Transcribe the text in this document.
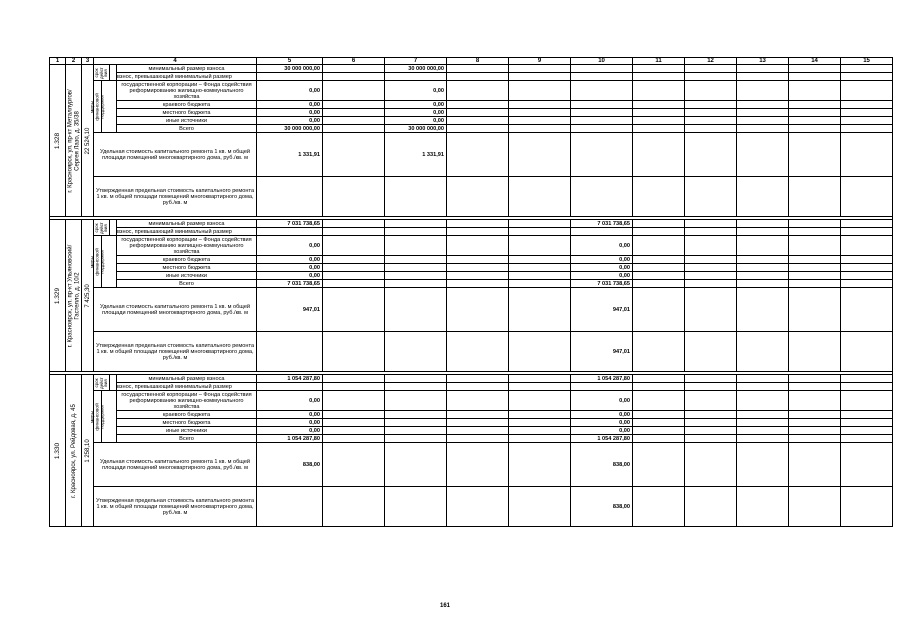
1	2	3	4				5	6	7	8	9	10	11	12	13	14	15

1.328	г. Красноярск, ул. пр-кт Металлургов/Сергея Лазо, д. 35/38	22 524,10	срок дейст вия			минимальный размер взноса	30 000 000,00		30 000 000,00								
						взнос, превышающий минимальный размер											

			меры финансовой поддержки			государственной корпорации – Фонда содействия реформированию жилищно-коммунального хозяйства	0,00		0,00								
						краевого бюджета	0,00		0,00								
						местного бюджета	0,00		0,00								
						иные источники	0,00		0,00								
						Всего	30 000 000,00		30 000 000,00								
			Удельная стоимость капитального ремонта 1 кв. м общей площади помещений многоквартирного дома, руб./кв. м				1 331,91		1 331,91								
			Утвержденная предельная стоимость капитального ремонта 1 кв. м общей площади помещений многоквартирного дома, руб./кв. м														

1.329	г. Красноярск, ул. пр-кт Ульяновский/Гастелло, д. 10/2	7 425,30	срок дейст вия			минимальный размер взноса	7 031 738,65					7 031 738,65					
						взнос, превышающий минимальный размер											

			меры финансовой поддержки			государственной корпорации – Фонда содействия реформированию жилищно-коммунального хозяйства	0,00					0,00					
						краевого бюджета	0,00					0,00					
						местного бюджета	0,00					0,00					
						иные источники	0,00					0,00					
						Всего	7 031 738,65					7 031 738,65					
			Удельная стоимость капитального ремонта 1 кв. м общей площади помещений многоквартирного дома, руб./кв. м				947,01					947,01					
			Утвержденная предельная стоимость капитального ремонта 1 кв. м общей площади помещений многоквартирного дома, руб./кв. м									947,01					

1.330	г. Красноярск, ул. Рейдовая, д. 45	1 258,10	срок дейст вия			минимальный размер взноса	1 054 287,80					1 054 287,80					
						взнос, превышающий минимальный размер											

			меры финансовой поддержки			государственной корпорации – Фонда содействия реформированию жилищно-коммунального хозяйства	0,00					0,00					
						краевого бюджета	0,00					0,00					
						местного бюджета	0,00					0,00					
						иные источники	0,00					0,00					
						Всего	1 054 287,80					1 054 287,80					
			Удельная стоимость капитального ремонта 1 кв. м общей площади помещений многоквартирного дома, руб./кв. м				838,00					838,00					
			Утвержденная предельная стоимость капитального ремонта 1 кв. м общей площади помещений многоквартирного дома, руб./кв. м									838,00					
161
